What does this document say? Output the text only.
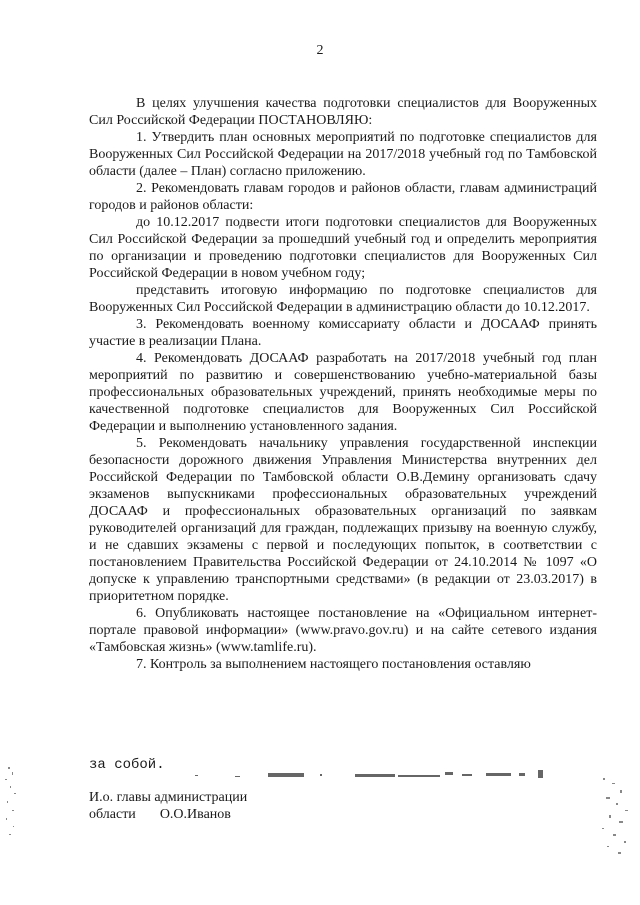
2

В целях улучшения качества подготовки специалистов для Вооруженных Сил Российской Федерации ПОСТАНОВЛЯЮ:

1. Утвердить план основных мероприятий по подготовке специалистов для Вооруженных Сил Российской Федерации на 2017/2018 учебный год по Тамбовской области (далее – План) согласно приложению.

2. Рекомендовать главам городов и районов области, главам администраций городов и районов области:

до 10.12.2017 подвести итоги подготовки специалистов для Вооруженных Сил Российской Федерации за прошедший учебный год и определить мероприятия по организации и проведению подготовки специалистов для Вооруженных Сил Российской Федерации в новом учебном году;

представить итоговую информацию по подготовке специалистов для Вооруженных Сил Российской Федерации в администрацию области до 10.12.2017.

3. Рекомендовать военному комиссариату области и ДОСААФ принять участие в реализации Плана.

4. Рекомендовать ДОСААФ разработать на 2017/2018 учебный год план мероприятий по развитию и совершенствованию учебно-материальной базы профессиональных образовательных учреждений, принять необходимые меры по качественной подготовке специалистов для Вооруженных Сил Российской Федерации и выполнению установленного задания.

5. Рекомендовать начальнику управления государственной инспекции безопасности дорожного движения Управления Министерства внутренних дел Российской Федерации по Тамбовской области О.В.Демину организовать сдачу экзаменов выпускниками профессиональных образовательных учреждений ДОСААФ и профессиональных образовательных организаций по заявкам руководителей организаций для граждан, подлежащих призыву на военную службу, и не сдавших экзамены с первой и последующих попыток, в соответствии с постановлением Правительства Российской Федерации от 24.10.2014 № 1097 «О допуске к управлению транспортными средствами» (в редакции от 23.03.2017) в приоритетном порядке.

6. Опубликовать настоящее постановление на «Официальном интернет-портале правовой информации» (www.pravo.gov.ru) и на сайте сетевого издания «Тамбовская жизнь» (www.tamlife.ru).

7. Контроль за выполнением настоящего постановления оставляю

за собой.

И.о. главы администрации

области О.О.Иванов
